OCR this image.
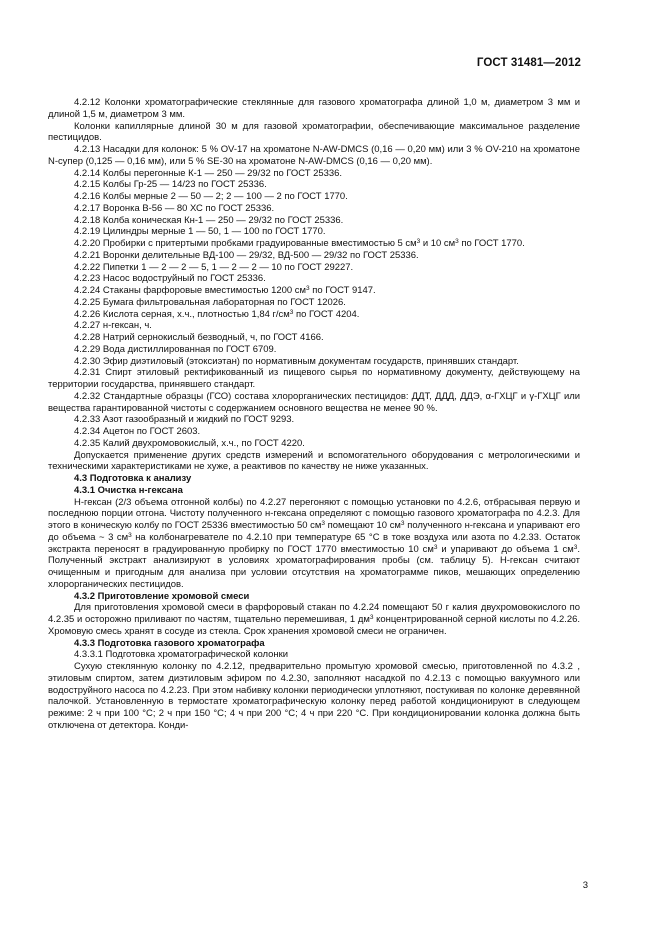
ГОСТ 31481—2012

4.2.12 Колонки хроматографические стеклянные для газового хроматографа длиной 1,0 м, диаметром 3 мм и длиной 1,5 м, диаметром 3 мм.

Колонки капиллярные длиной 30 м для газовой хроматографии, обеспечивающие максимальное разделение пестицидов.

4.2.13 Насадки для колонок: 5 % OV-17 на хроматоне N-AW-DMCS (0,16 — 0,20 мм) или 3 % OV-210 на хроматоне N-супер (0,125 — 0,16 мм), или 5 % SE-30 на хроматоне N-AW-DMCS (0,16 — 0,20 мм).

4.2.14 Колбы перегонные К-1 — 250 — 29/32 по ГОСТ 25336.

4.2.15 Колбы Гр-25 — 14/23 по ГОСТ 25336.

4.2.16 Колбы мерные 2 — 50 — 2; 2 — 100 — 2 по ГОСТ 1770.

4.2.17 Воронка В-56 — 80 ХС по ГОСТ 25336.

4.2.18 Колба коническая Кн-1 — 250 — 29/32 по ГОСТ 25336.

4.2.19 Цилиндры мерные 1 — 50, 1 — 100 по ГОСТ 1770.

4.2.20 Пробирки с притертыми пробками градуированные вместимостью 5 $см^3$ и 10 $см^3$ по ГОСТ 1770.

4.2.21 Воронки делительные ВД-100 — 29/32, ВД-500 — 29/32 по ГОСТ 25336.

4.2.22 Пипетки 1 — 2 — 2 — 5, 1 — 2 — 2 — 10 по ГОСТ 29227.

4.2.23 Насос водоструйный по ГОСТ 25336.

4.2.24 Стаканы фарфоровые вместимостью 1200 $см^3$ по ГОСТ 9147.

4.2.25 Бумага фильтровальная лабораторная по ГОСТ 12026.

4.2.26 Кислота серная, х.ч., плотностью 1,84 $г/см^3$ по ГОСТ 4204.

4.2.27 н-гексан, ч.

4.2.28 Натрий сернокислый безводный, ч, по ГОСТ 4166.

4.2.29 Вода дистиллированная по ГОСТ 6709.

4.2.30 Эфир диэтиловый (этоксиэтан) по нормативным документам государств, принявших стандарт.

4.2.31 Спирт этиловый ректификованный из пищевого сырья по нормативному документу, действующему на территории государства, принявшего стандарт.

4.2.32 Стандартные образцы (ГСО) состава хлорорганических пестицидов: ДДТ, ДДД, ДДЭ, α-ГХЦГ и γ-ГХЦГ или вещества гарантированной чистоты с содержанием основного вещества не менее 90 %.

4.2.33 Азот газообразный и жидкий по ГОСТ 9293.

4.2.34 Ацетон по ГОСТ 2603.

4.2.35 Калий двухромовокислый, х.ч., по ГОСТ 4220.

Допускается применение других средств измерений и вспомогательного оборудования с метрологическими и техническими характеристиками не хуже, а реактивов по качеству не ниже указанных.

4.3 Подготовка к анализу

4.3.1 Очистка н-гексана

Н-гексан (2/3 объема отгонной колбы) по 4.2.27 перегоняют с помощью установки по 4.2.6, отбрасывая первую и последнюю порции отгона. Чистоту полученного н-гексана определяют с помощью газового хроматографа по 4.2.3. Для этого в коническую колбу по ГОСТ 25336 вместимостью 50 $см^3$ помещают 10 $см^3$ полученного н-гексана и упаривают его до объема ~ 3 $см^3$ на колбонагревателе по 4.2.10 при температуре 65 °С в токе воздуха или азота по 4.2.33. Остаток экстракта переносят в градуированную пробирку по ГОСТ 1770 вместимостью 10 $см^3$ и упаривают до объема 1 $см^3$. Полученный экстракт анализируют в условиях хроматографирования пробы (см. таблицу 5). Н-гексан считают очищенным и пригодным для анализа при условии отсутствия на хроматограмме пиков, мешающих определению хлорорганических пестицидов.

4.3.2 Приготовление хромовой смеси

Для приготовления хромовой смеси в фарфоровый стакан по 4.2.24 помещают 50 г калия двухромовокислого по 4.2.35 и осторожно приливают по частям, тщательно перемешивая, 1 $дм^3$ концентрированной серной кислоты по 4.2.26. Хромовую смесь хранят в сосуде из стекла. Срок хранения хромовой смеси не ограничен.

4.3.3 Подготовка газового хроматографа

4.3.3.1 Подготовка хроматографической колонки

Сухую стеклянную колонку по 4.2.12, предварительно промытую хромовой смесью, приготовленной по 4.3.2 , этиловым спиртом, затем диэтиловым эфиром по 4.2.30, заполняют насадкой по 4.2.13 с помощью вакуумного или водоструйного насоса по 4.2.23. При этом набивку колонки периодически уплотняют, постукивая по колонке деревянной палочкой. Установленную в термостате хроматографическую колонку перед работой кондиционируют в следующем режиме: 2 ч при 100 °С; 2 ч при 150 °С; 4 ч при 200 °С; 4 ч при 220 °С. При кондиционировании колонка должна быть отключена от детектора. Конди-

3
